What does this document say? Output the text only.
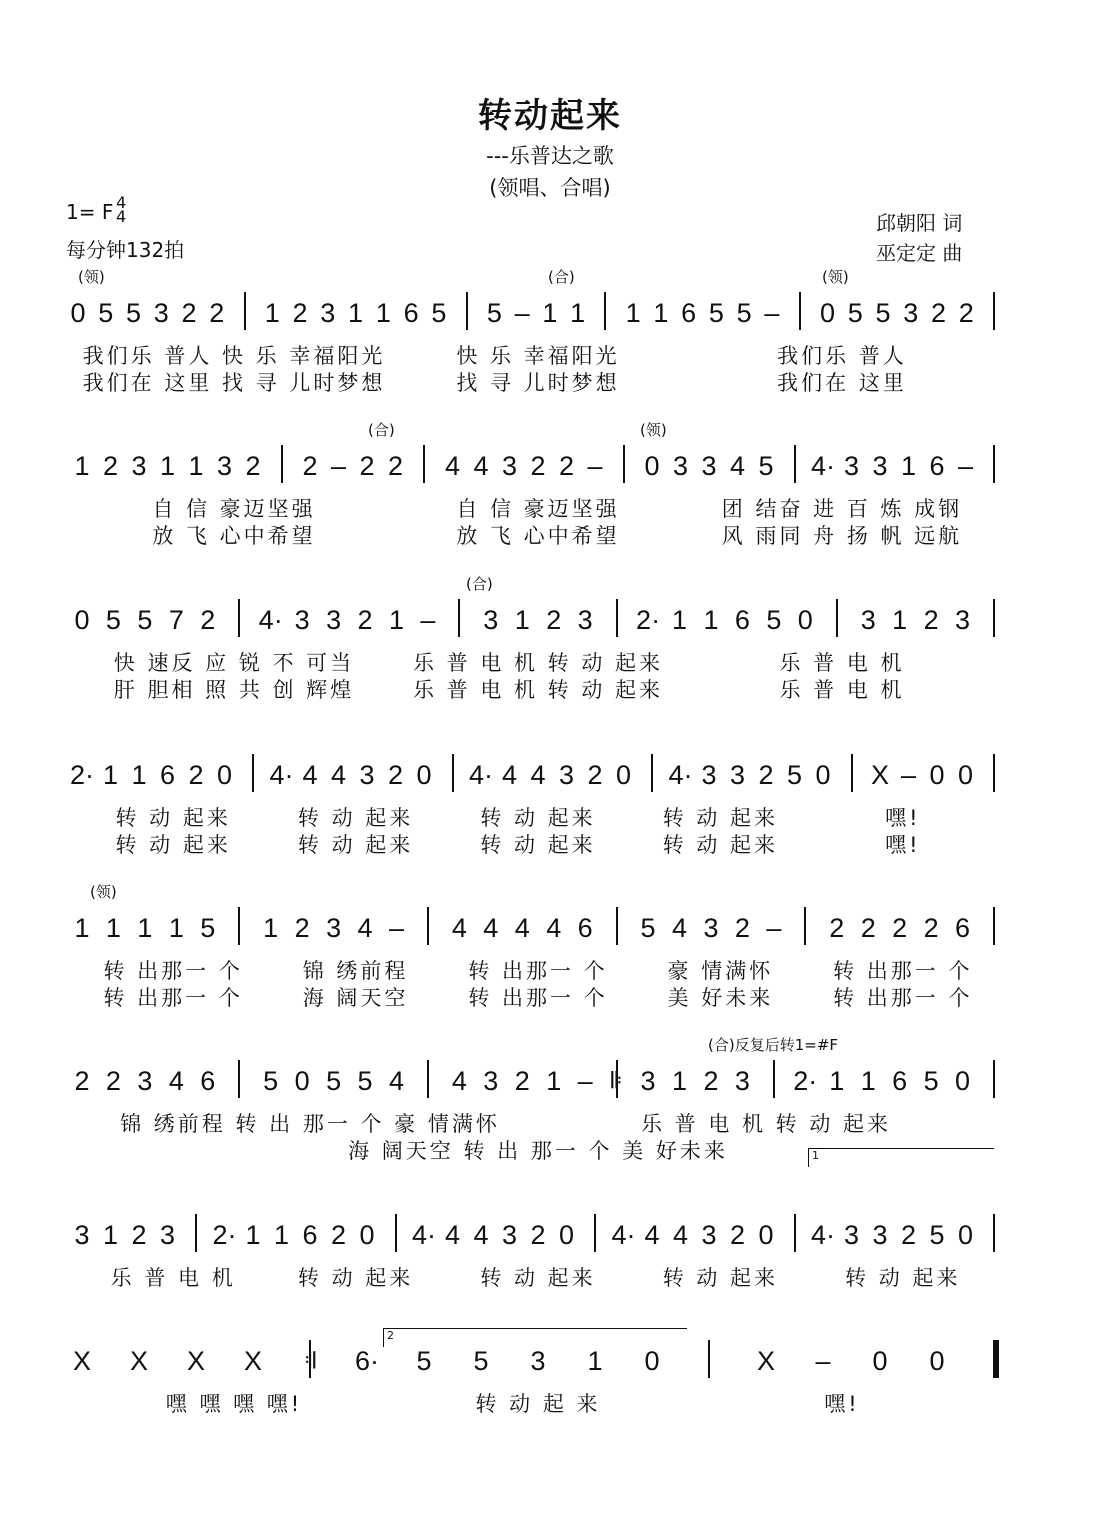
转动起来
---乐普达之歌
(领唱、合唱)
1= F 4
4
每分钟132拍
邱朝阳 词
巫定定 曲
(领)	(合)	(领)
0 5 5 3 2 2 1 2 3 1 1 6 5 5 – 1 1 1 1 6 5 5 – 0 5 5 3 2 2
我们乐 普人 快 乐 幸福阳光	快 乐 幸福阳光	我们乐 普人
我们在 这里 找 寻 儿时梦想	找 寻 儿时梦想	我们在 这里
(合)	(领)
1 2 3 1 1 3 2 2 – 2 2 4 4 3 2 2 – 0 3 3 4 5 4· 3 3 1 6 –
自 信 豪迈坚强	自 信 豪迈坚强	团 结奋 进 百 炼 成钢
放 飞 心中希望	放 飞 心中希望	风 雨同 舟 扬 帆 远航
(合)
0 5 5 7 2 4· 3 3 2 1 – 3 1 2 3 2· 1 1 6 5 0 3 1 2 3
快 速反 应 锐 不 可当	乐 普 电 机 转 动 起来	乐 普 电 机
肝 胆相 照 共 创 辉煌	乐 普 电 机 转 动 起来	乐 普 电 机
2· 1 1 6 2 0 4· 4 4 3 2 0 4· 4 4 3 2 0 4· 3 3 2 5 0 X – 0 0
转 动 起来	转 动 起来	转 动 起来	转 动 起来	嘿!
转 动 起来	转 动 起来	转 动 起来	转 动 起来	嘿!
(领)
1 1 1 1 5 1 2 3 4 – 4 4 4 4 6 5 4 3 2 – 2 2 2 2 6
转 出那一 个	锦 绣前程	转 出那一 个	豪 情满怀	转 出那一 个
转 出那一 个	海 阔天空	转 出那一 个	美 好未来	转 出那一 个
(合)反复后转1=#F
2 2 3 4 6 5 0 5 5 4 4 3 2 1 – 𝄆 3 1 2 3 2· 1 1 6 5 0
锦 绣前程 转 出 那一 个 豪 情满怀	乐 普 电 机 转 动 起来
海 阔天空 转 出 那一 个 美 好未来	1
3 1 2 3 2· 1 1 6 2 0 4· 4 4 3 2 0 4· 4 4 3 2 0 4· 3 3 2 5 0
乐 普 电 机	转 动 起来	转 动 起来	转 动 起来	转 动 起来
2
X X X X 𝄇 6· 5 5 3 1 0	X – 0 0
嘿 嘿 嘿 嘿!	转 动 起 来	嘿!
